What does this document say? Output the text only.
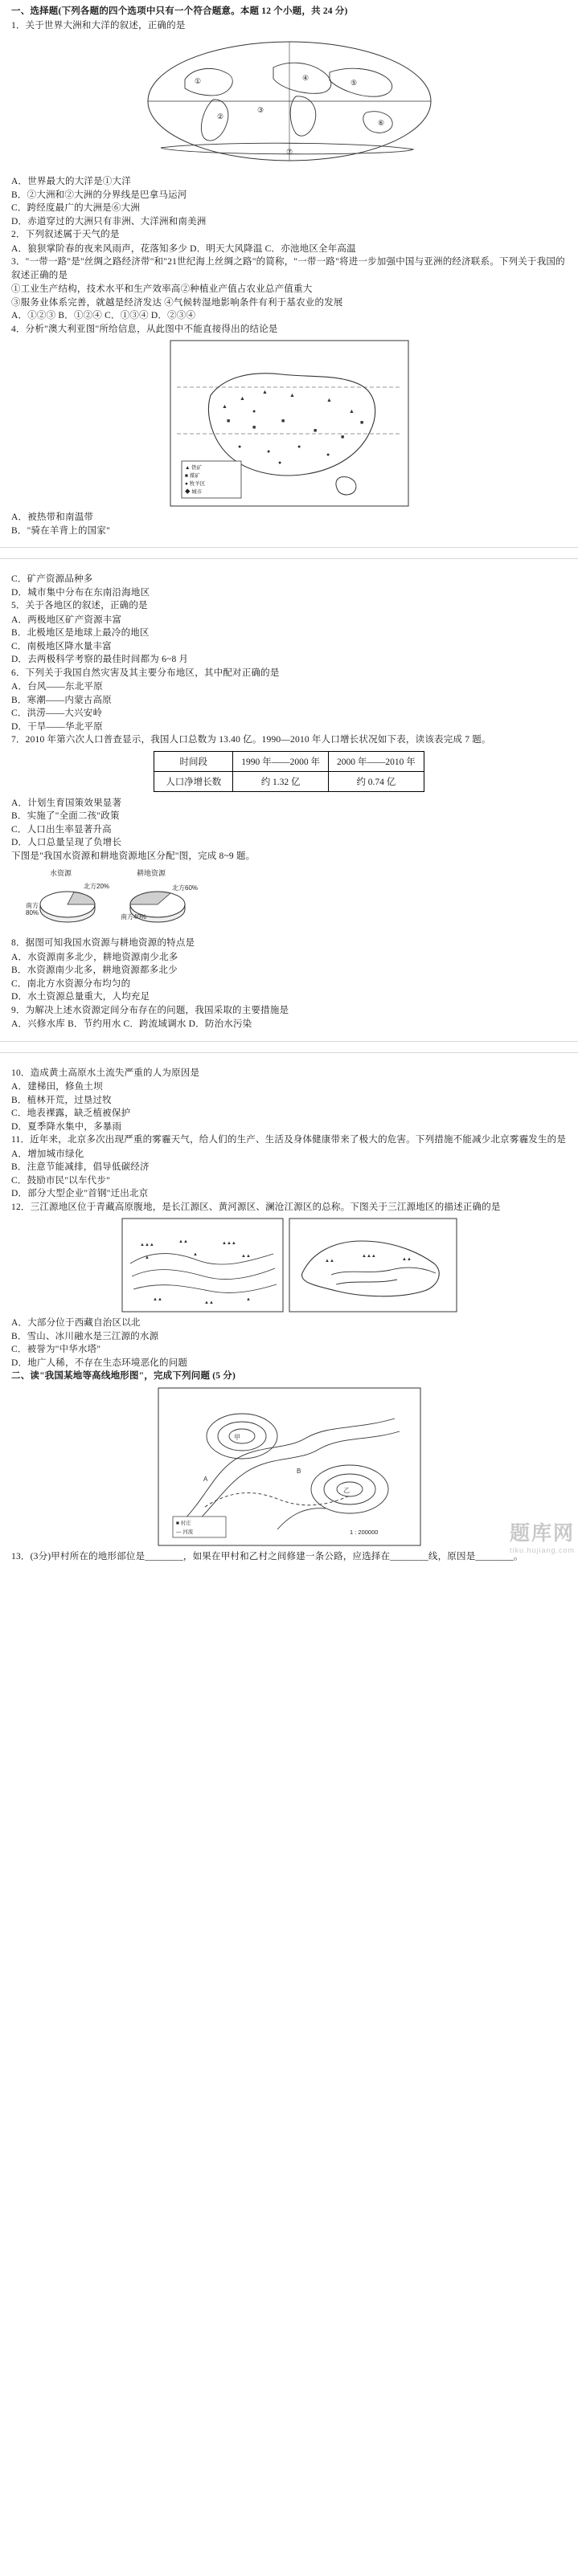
一、选择题(下列各题的四个选项中只有一个符合题意。本题 12 个小题，共 24 分)

1．关于世界大洲和大洋的叙述，正确的是

①
②
③
④
⑤
⑥
⑦

A．世界最大的大洋是①大洋

B．②大洲和②大洲的分界线是巴拿马运河

C．跨经度最广的大洲是⑥大洲

D．赤道穿过的大洲只有非洲、大洋洲和南美洲

2．下列叙述属于天气的是

A．狼狈掌阶春的夜来风雨声，花落知多少 D．明天大风降温 C．亦池地区全年高温

3．"一带一路"是"丝绸之路经济带"和"21世纪海上丝绸之路"的简称，"一带一路"将进一步加强中国与亚洲的经济联系。下列关于我国的叙述正确的是

①工业生产结构，技术水平和生产效率高②种植业产值占农业总产值重大

③服务业体系完善，就越是经济发达 ④气候转湿地影响条件有利于基农业的发展

A．①②③ B．①②④ C．①③④ D．②③④

4．分析"澳大利亚图"所给信息，从此图中不能直接得出的结论是

▲
▲
▲
▲
▲
■
■
■
■
■
●
●
●
●
●
▲
■
●
▲ 铁矿
■ 煤矿
● 牧羊区
◆ 城市

A．被热带和南温带

B．"骑在羊背上的国家"

C．矿产资源品种多

D．城市集中分布在东南沿海地区

5．关于各地区的叙述，正确的是

A．两极地区矿产资源丰富

B．北极地区是地球上最冷的地区

C．南极地区降水量丰富

D．去两极科学考察的最佳时间都为 6~8 月

6．下列关于我国自然灾害及其主要分布地区，其中配对正确的是

A．台风——东北平原

B．寒潮——内蒙古高原

C．洪涝——大兴安岭

D．干旱——华北平原

7．2010 年第六次人口普查显示，我国人口总数为 13.40 亿。1990—2010 年人口增长状况如下表，读该表完成 7 题。

时间段	1990 年——2000 年	2000 年——2010 年
人口净增长数	约 1.32 亿	约 0.74 亿

A．计划生育国策效果显著

B．实施了"全面二孩"政策

C．人口出生率显著升高

D．人口总量呈现了负增长

下图是"我国水资源和耕地资源地区分配"图，完成 8~9 题。

水资源	耕地资源
南方
80%
北方20%	北方60%
南方40%

8．据图可知我国水资源与耕地资源的特点是

A．水资源南多北少，耕地资源南少北多

B．水资源南少北多，耕地资源都多北少

C．南北方水资源分布均匀的

D．水土资源总量重大，人均充足

9．为解决上述水资源定间分布存在的问题，我国采取的主要措施是

A．兴修水库 B．节约用水 C．跨流域调水 D．防治水污染

10．造成黄土高原水土流失严重的人为原因是

A．建梯田，修鱼土坝

B．植林开荒，过垦过牧

C．地表裸露，缺乏植被保护

D．夏季降水集中，多暴雨

11．近年来，北京多次出现严重的雾霾天气，给人们的生产、生活及身体健康带来了极大的危害。下列措施不能减少北京雾霾发生的是

A．增加城市绿化

B．注意节能减排，倡导低碳经济

C．鼓励市民"以车代步"

D．部分大型企业"首钢"迁出北京

12．三江源地区位于青藏高原腹地，是长江源区、黄河源区、澜沧江源区的总称。下图关于三江源地区的描述正确的是

▲▲▲
▲▲	▲▲▲
▲
▲	▲▲
▲▲
▲▲
▲
▲▲
▲▲▲
▲▲

A．大部分位于西藏自治区以北

B．雪山、冰川融水是三江源的水源

C．被誉为"中华水塔"

D．地广人稀，不存在生态环境恶化的问题

二、读"我国某地等高线地形图"，完成下列问题 (5 分)

甲
乙
A
B
■ 村庄
— 河流	1 : 200000

13．(3分)甲村所在的地形部位是________，如果在甲村和乙村之间修建一条公路，应选择在________线，原因是________。

题库网
tiku.hujiang.com
